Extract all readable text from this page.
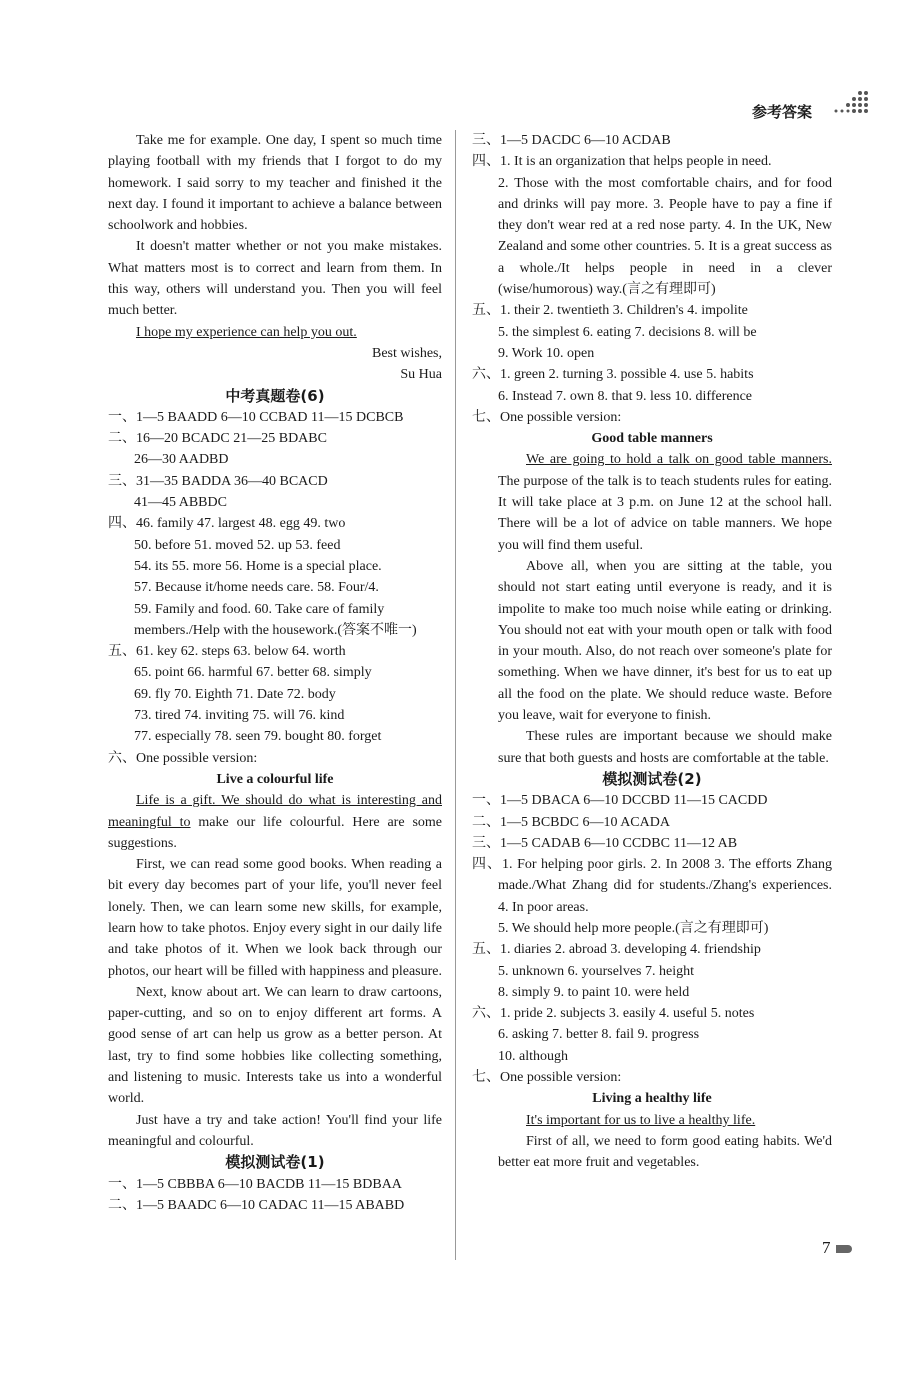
参考答案

Take me for example. One day, I spent so much time playing football with my friends that I forgot to do my homework. I said sorry to my teacher and finished it the next day. I found it important to achieve a balance between schoolwork and hobbies.

It doesn't matter whether or not you make mistakes. What matters most is to correct and learn from them. In this way, others will understand you. Then you will feel much better.

I hope my experience can help you out.

Best wishes,

Su Hua

中考真题卷(6)

一、1—5 BAADD 6—10 CCBAD 11—15 DCBCB
二、16—20 BCADC 21—25 BDABC
26—30 AADBD
三、31—35 BADDA 36—40 BCACD
41—45 ABBDC
四、46. family 47. largest 48. egg 49. two
50. before 51. moved 52. up 53. feed
54. its 55. more 56. Home is a special place.
57. Because it/home needs care. 58. Four/4.
59. Family and food. 60. Take care of family members./Help with the housework.(答案不唯一)
五、61. key 62. steps 63. below 64. worth
65. point 66. harmful 67. better 68. simply
69. fly 70. Eighth 71. Date 72. body
73. tired 74. inviting 75. will 76. kind
77. especially 78. seen 79. bought 80. forget
六、One possible version:

Live a colourful life

Life is a gift. We should do what is interesting and meaningful to make our life colourful. Here are some suggestions.

First, we can read some good books. When reading a bit every day becomes part of your life, you'll never feel lonely. Then, we can learn some new skills, for example, learn how to take photos. Enjoy every sight in our daily life and take photos of it. When we look back through our photos, our heart will be filled with happiness and pleasure.

Next, know about art. We can learn to draw cartoons, paper-cutting, and so on to enjoy different art forms. A good sense of art can help us grow as a better person. At last, try to find some hobbies like collecting something, and listening to music. Interests take us into a wonderful world.

Just have a try and take action! You'll find your life meaningful and colourful.

模拟测试卷(1)

一、1—5 CBBBA 6—10 BACDB 11—15 BDBAA
二、1—5 BAADC 6—10 CADAC 11—15 ABABD
三、1—5 DACDC 6—10 ACDAB
四、1. It is an organization that helps people in need.

2. Those with the most comfortable chairs, and for food and drinks will pay more. 3. People have to pay a fine if they don't wear red at a red nose party. 4. In the UK, New Zealand and some other countries. 5. It is a great success as a whole./It helps people in need in a clever (wise/humorous) way.(言之有理即可)

五、1. their 2. twentieth 3. Children's 4. impolite
5. the simplest 6. eating 7. decisions 8. will be
9. Work 10. open
六、1. green 2. turning 3. possible 4. use 5. habits
6. Instead 7. own 8. that 9. less 10. difference
七、One possible version:

Good table manners

We are going to hold a talk on good table manners. The purpose of the talk is to teach students rules for eating. It will take place at 3 p.m. on June 12 at the school hall. There will be a lot of advice on table manners. We hope you will find them useful.

Above all, when you are sitting at the table, you should not start eating until everyone is ready, and it is impolite to make too much noise while eating or drinking. You should not eat with your mouth open or talk with food in your mouth. Also, do not reach over someone's plate for something. When we have dinner, it's best for us to eat up all the food on the plate. We should reduce waste. Before you leave, wait for everyone to finish.

These rules are important because we should make sure that both guests and hosts are comfortable at the table.

模拟测试卷(2)

一、1—5 DBACA 6—10 DCCBD 11—15 CACDD
二、1—5 BCBDC 6—10 ACADA
三、1—5 CADAB 6—10 CCDBC 11—12 AB

四、1. For helping poor girls. 2. In 2008 3. The efforts Zhang made./What Zhang did for students./Zhang's experiences. 4. In poor areas.

5. We should help more people.(言之有理即可)
五、1. diaries 2. abroad 3. developing 4. friendship
5. unknown 6. yourselves 7. height
8. simply 9. to paint 10. were held
六、1. pride 2. subjects 3. easily 4. useful 5. notes
6. asking 7. better 8. fail 9. progress
10. although
七、One possible version:

Living a healthy life

It's important for us to live a healthy life.

First of all, we need to form good eating habits. We'd better eat more fruit and vegetables.

7
